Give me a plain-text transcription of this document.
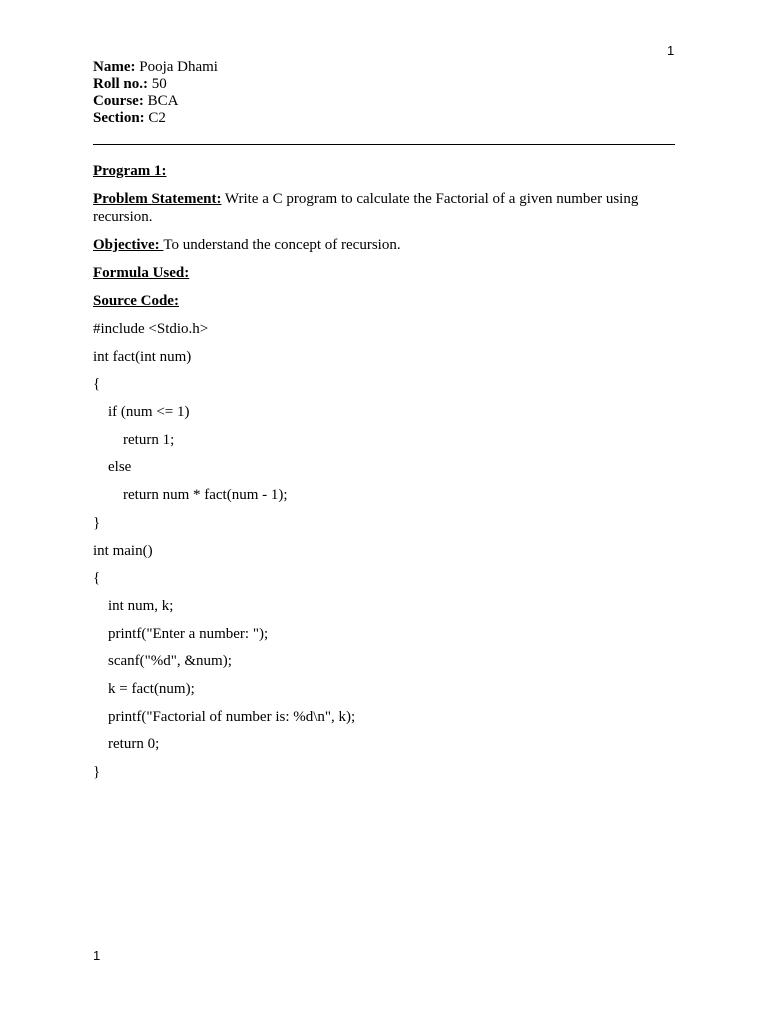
1
Name: Pooja Dhami
Roll no.: 50
Course: BCA
Section: C2
Program 1:
Problem Statement: Write a C program to calculate the Factorial of a given number using recursion.
Objective: To understand the concept of recursion.
Formula Used:
Source Code:
#include <Stdio.h>
int fact(int num)
{
if (num <= 1)
return 1;
else
return num * fact(num - 1);
}
int main()
{
int num, k;
printf("Enter a number: ");
scanf("%d", &num);
k = fact(num);
printf("Factorial of number is: %d\n", k);
return 0;
}
1
